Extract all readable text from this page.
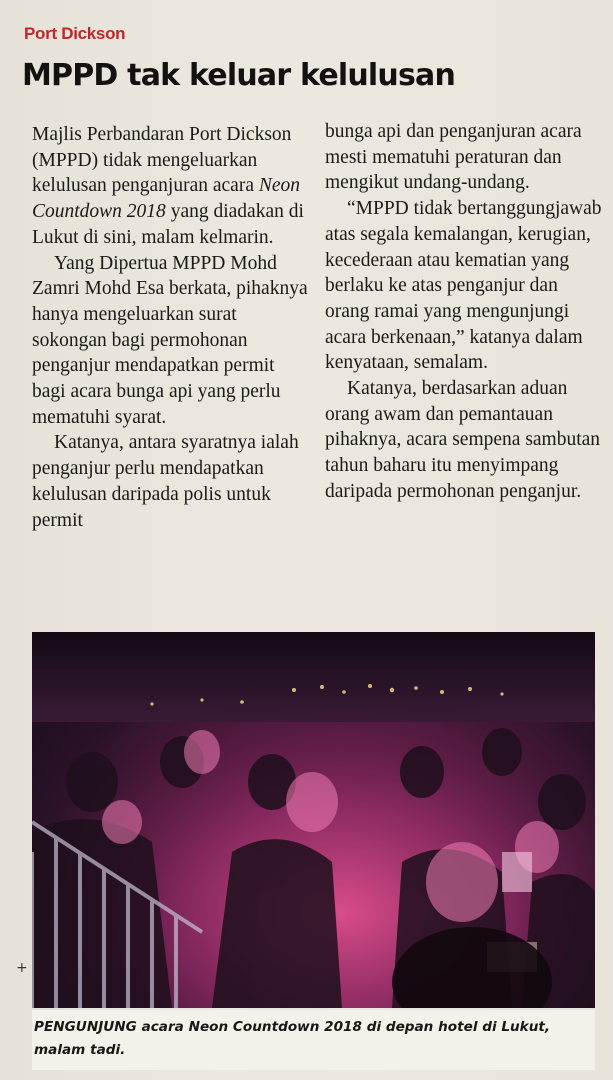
Port Dickson
MPPD tak keluar kelulusan

Majlis Perbandaran Port Dickson (MPPD) tidak mengeluarkan kelulusan penganjuran acara Neon Countdown 2018 yang diadakan di Lukut di sini, malam kelmarin.

Yang Dipertua MPPD Mohd Zamri Mohd Esa berkata, pihaknya hanya mengeluarkan surat sokongan bagi permohonan penganjur mendapatkan permit bagi acara bunga api yang perlu mematuhi syarat.

Katanya, antara syaratnya ialah penganjur perlu mendapatkan kelulusan daripada polis untuk permit

bunga api dan penganjuran acara mesti mematuhi peraturan dan mengikut undang-undang.

“MPPD tidak bertanggungjawab atas segala kemalangan, kerugian, kecederaan atau kematian yang berlaku ke atas penganjur dan orang ramai yang mengunjungi acara berkenaan,” katanya dalam kenyataan, semalam.

Katanya, berdasarkan aduan orang awam dan pemantauan pihaknya, acara sempena sambutan tahun baharu itu menyimpang daripada permohonan penganjur.

PENGUNJUNG acara Neon Countdown 2018 di depan hotel di Lukut, malam tadi.
+
